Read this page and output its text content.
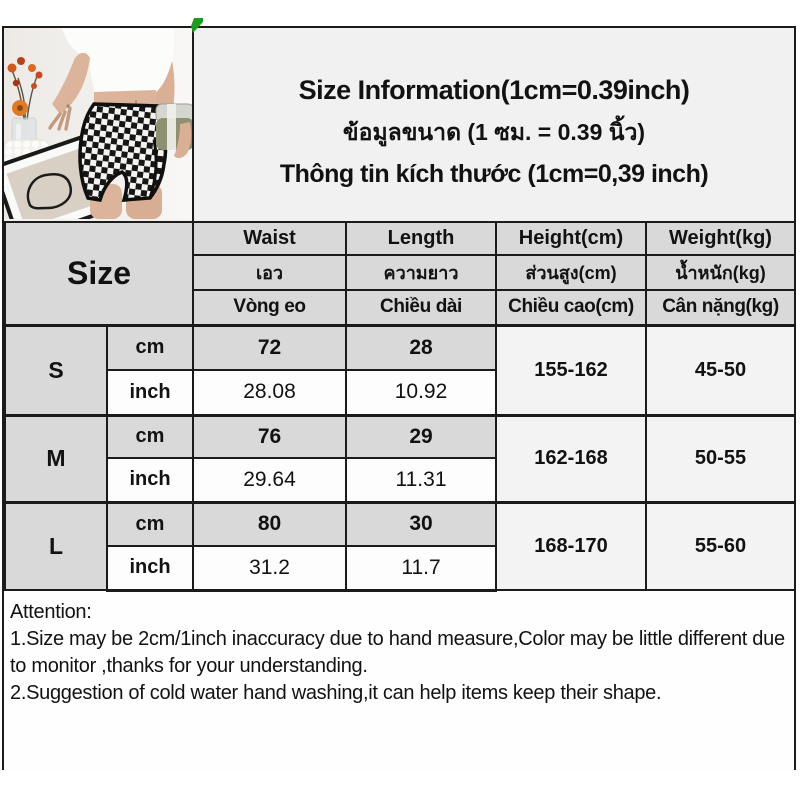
Size Information(1cm=0.39inch)
ข้อมูลขนาด (1 ซม. = 0.39 นิ้ว)
Thông tin kích thước (1cm=0,39 inch)
Size		Waist	Length	Height(cm)	Weight(kg)
		เอว	ความยาว	ส่วนสูง(cm)	น้ำหนัก(kg)
		Vòng eo	Chiều dài	Chiều cao(cm)	Cân nặng(kg)
S	cm	72	28	155-162	45-50
	inch	28.08	10.92		
M	cm	76	29	162-168	50-55
	inch	29.64	11.31		
L	cm	80	30	168-170	55-60
	inch	31.2	11.7		
Attention:
1.Size may be 2cm/1inch inaccuracy due to hand measure,Color may be little different due to monitor ,thanks for your understanding.
2.Suggestion of cold water hand washing,it can help items keep their shape.
